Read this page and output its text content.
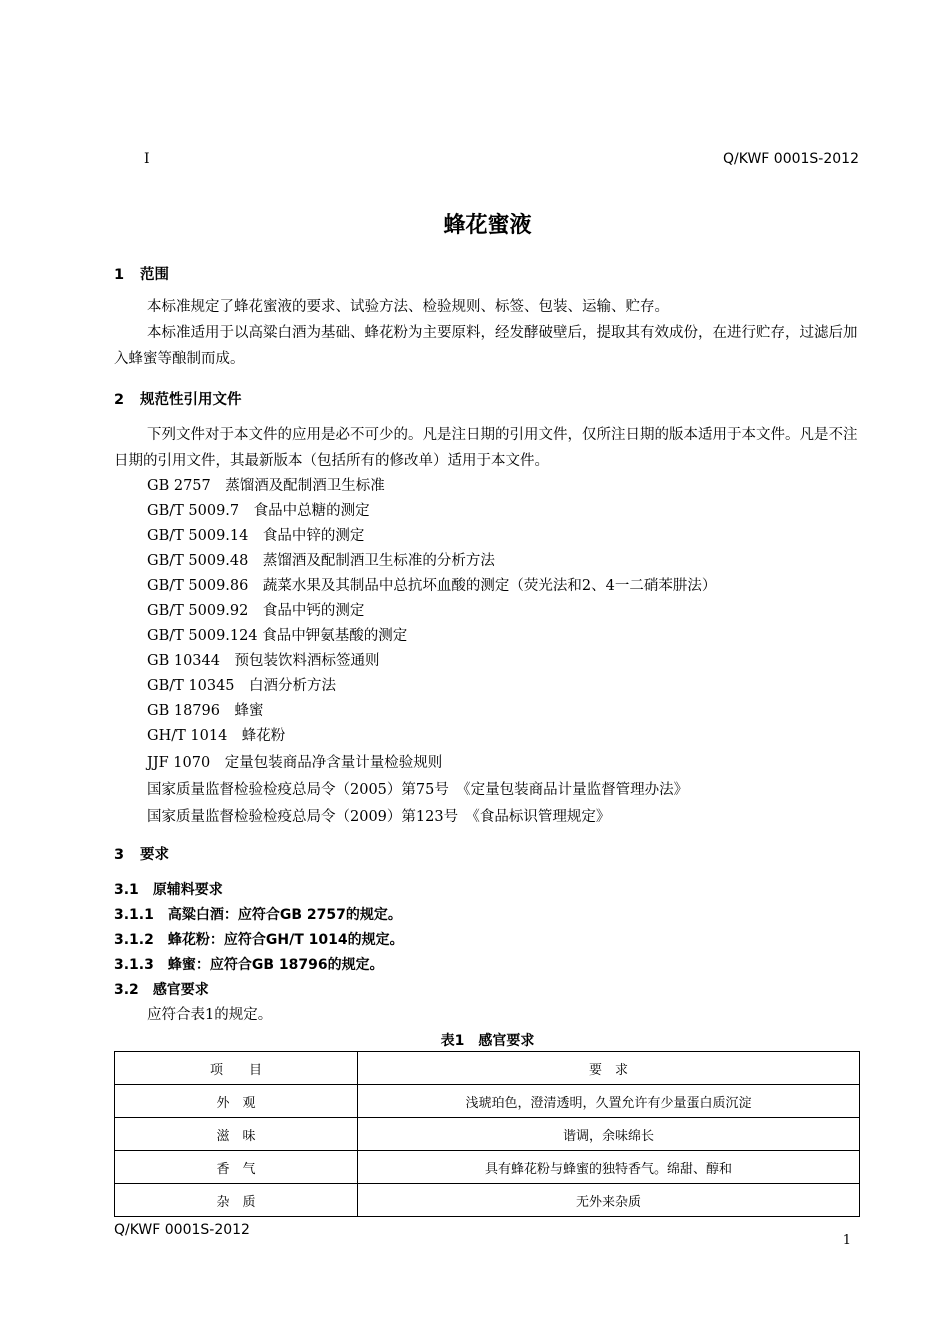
I	Q/KWF 0001S-2012
蜂花蜜液
1 范围

本标准规定了蜂花蜜液的要求、试验方法、检验规则、标签、包装、运输、贮存。

本标准适用于以高粱白酒为基础、蜂花粉为主要原料，经发酵破壁后，提取其有效成份，在进行贮存，过滤后加入蜂蜜等酿制而成。

2 规范性引用文件

下列文件对于本文件的应用是必不可少的。凡是注日期的引用文件，仅所注日期的版本适用于本文件。凡是不注日期的引用文件，其最新版本（包括所有的修改单）适用于本文件。

GB 2757　 蒸馏酒及配制酒卫生标准
GB/T 5009.7　 食品中总糖的测定
GB/T 5009.14　 食品中锌的测定
GB/T 5009.48　 蒸馏酒及配制酒卫生标准的分析方法
GB/T 5009.86　 蔬菜水果及其制品中总抗坏血酸的测定（荧光法和2、4一二硝苯肼法）
GB/T 5009.92　 食品中钙的测定
GB/T 5009.124 食品中钾氨基酸的测定
GB 10344　 预包装饮料酒标签通则
GB/T 10345　 白酒分析方法
GB 18796　 蜂蜜
GH/T 1014　 蜂花粉
JJF 1070　 定量包装商品净含量计量检验规则
国家质量监督检验检疫总局令（2005）第75号　 《定量包装商品计量监督管理办法》
国家质量监督检验检疫总局令（2009）第123号　 《食品标识管理规定》
3 要求
3.1 原辅料要求
3.1.1 高粱白酒：应符合GB 2757的规定。
3.1.2 蜂花粉：应符合GH/T 1014的规定。
3.1.3 蜂蜜：应符合GB 18796的规定。
3.2 感官要求
应符合表1的规定。
表1　感官要求
项　　目	要　求
外　观	浅琥珀色，澄清透明，久置允许有少量蛋白质沉淀
滋　味	谐调，余味绵长
香　气	具有蜂花粉与蜂蜜的独特香气。绵甜、醇和
杂　质	无外来杂质
Q/KWF 0001S-2012
1
